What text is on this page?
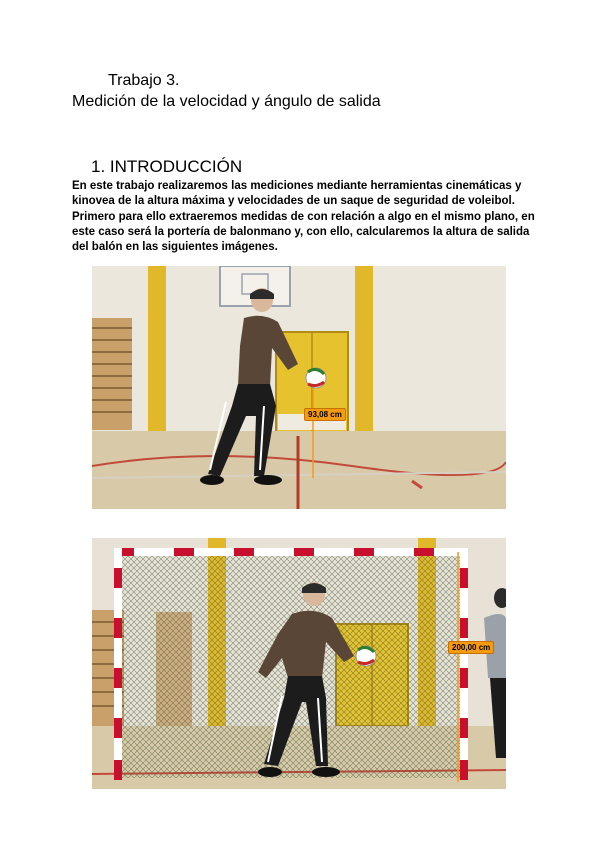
Trabajo 3.
Medición de la velocidad y ángulo de salida
1. INTRODUCCIÓN
En este trabajo realizaremos las mediciones mediante herramientas cinemáticas y kinovea de la altura máxima y velocidades de un saque de seguridad de voleibol. Primero para ello extraeremos medidas de con relación a algo en el mismo plano, en este caso será la portería de balonmano y, con ello, calcularemos la altura de salida del balón en las siguientes imágenes.
93,08 cm
200,00 cm
